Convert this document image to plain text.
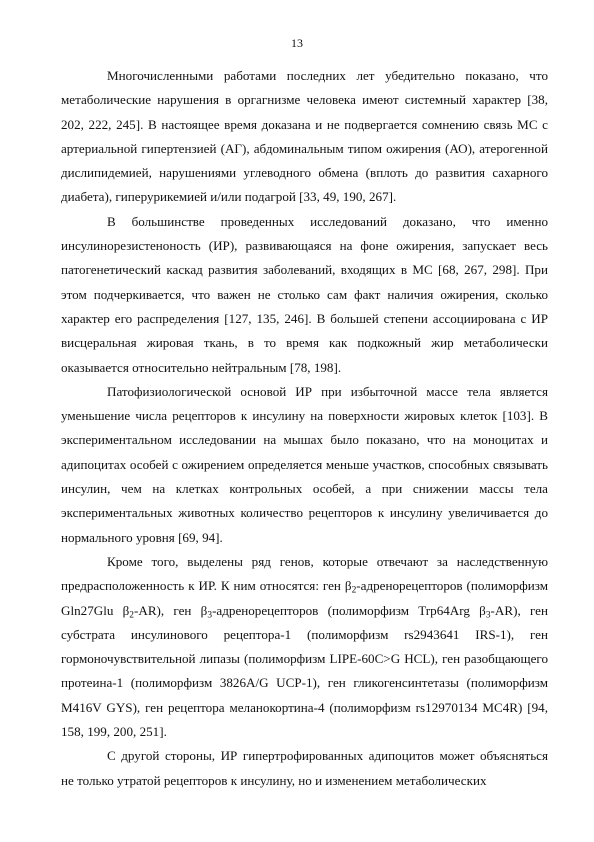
13

Многочисленными работами последних лет убедительно показано, что метаболические нарушения в оргагнизме человека имеют системный характер [38, 202, 222, 245]. В настоящее время доказана и не подвергается сомнению связь МС с артериальной гипертензией (АГ), абдоминальным типом ожирения (АО), атерогенной дислипидемией, нарушениями углеводного обмена (вплоть до развития сахарного диабета), гиперурикемией и/или подагрой [33, 49, 190, 267].

В большинстве проведенных исследований доказано, что именно инсулинорезистеноность (ИР), развивающаяся на фоне ожирения, запускает весь патогенетический каскад развития заболеваний, входящих в МС [68, 267, 298]. При этом подчеркивается, что важен не столько сам факт наличия ожирения, сколько характер его распределения [127, 135, 246]. В большей степени ассоциирована с ИР висцеральная жировая ткань, в то время как подкожный жир метаболически оказывается относительно нейтральным [78, 198].

Патофизиологической основой ИР при избыточной массе тела является уменьшение числа рецепторов к инсулину на поверхности жировых клеток [103]. В экспериментальном исследовании на мышах было показано, что на моноцитах и адипоцитах особей с ожирением определяется меньше участков, способных связывать инсулин, чем на клетках контрольных особей, а при снижении массы тела экспериментальных животных количество рецепторов к инсулину увеличивается до нормального уровня [69, 94].

Кроме того, выделены ряд генов, которые отвечают за наследственную предрасположенность к ИР. К ним относятся: ген $\beta_2$-адренорецепторов (полиморфизм Gln27Glu $\beta_2-AR$), ген $\beta_3$-адренорецепторов (полиморфизм Trp64Arg $\beta_3-AR$), ген субстрата инсулинового рецептора-1 (полиморфизм rs2943641 IRS-1), ген гормоночувствительной липазы (полиморфизм LIPE-60C>G HCL), ген разобщающего протеина-1 (полиморфизм 3826A/G UCP-1), ген гликогенсинтетазы (полиморфизм M416V GYS), ген рецептора меланокортина-4 (полиморфизм rs12970134 MC4R) [94, 158, 199, 200, 251].

С другой стороны, ИР гипертрофированных адипоцитов может объясняться не только утратой рецепторов к инсулину, но и изменением метаболических
